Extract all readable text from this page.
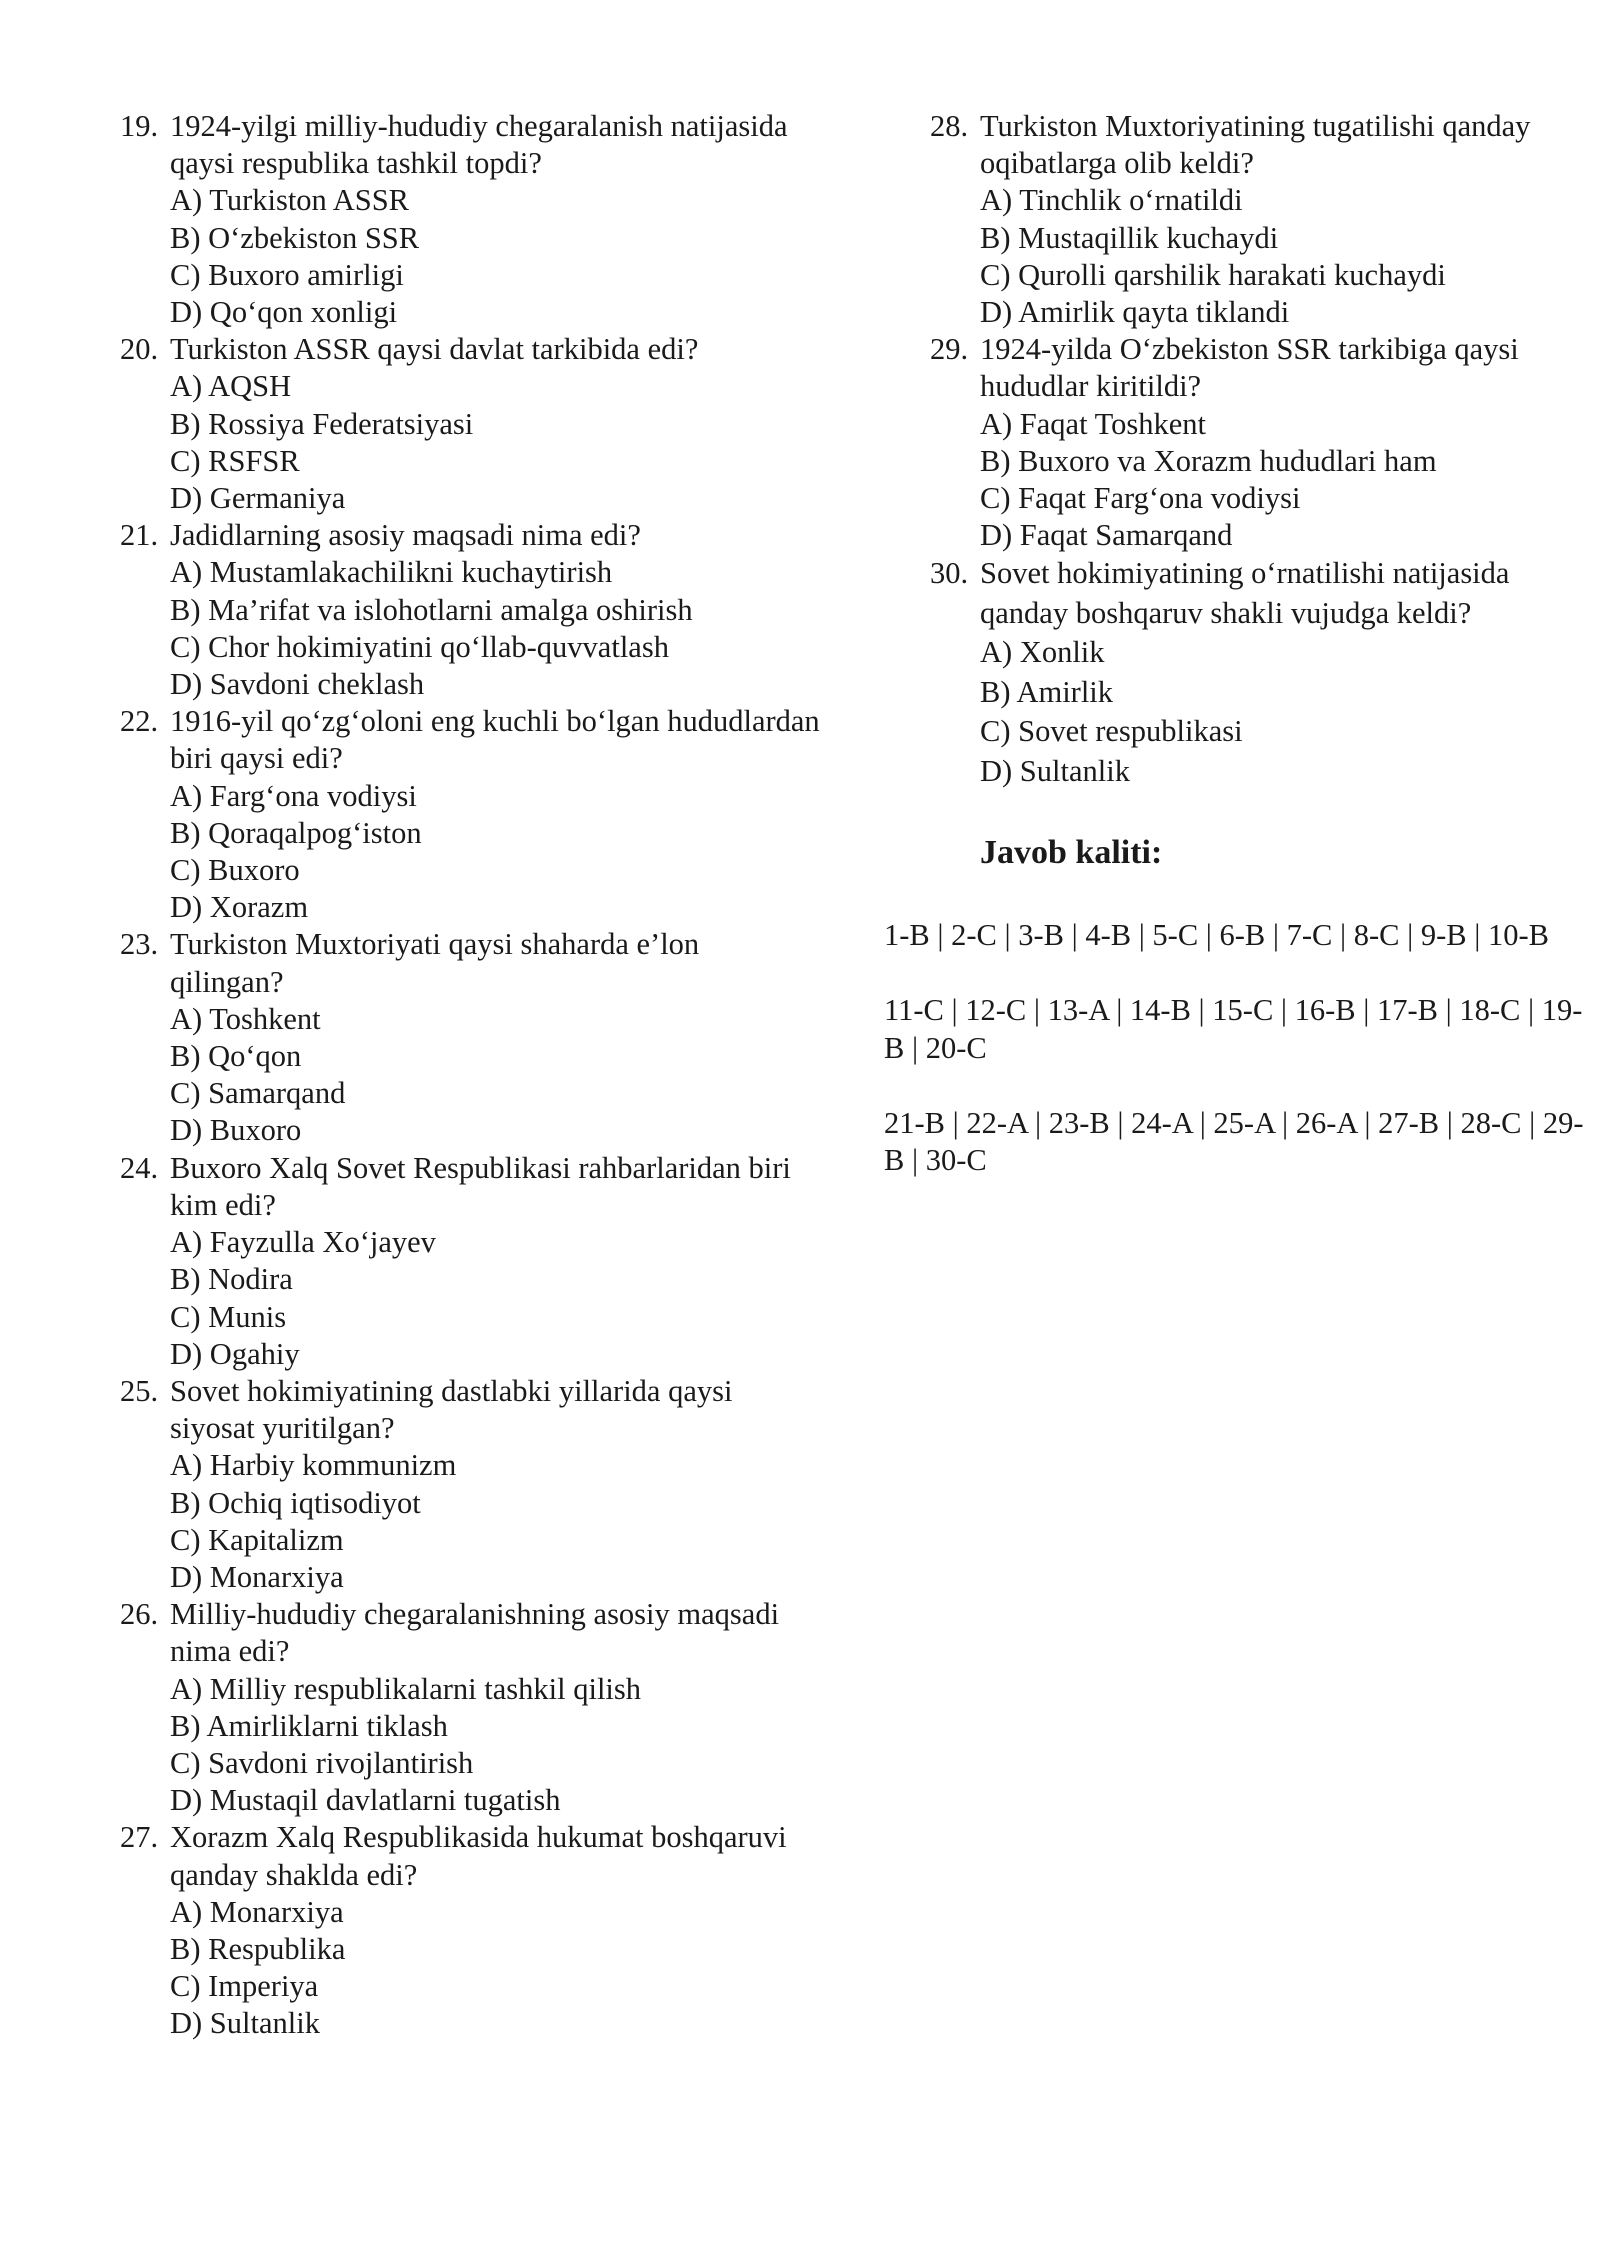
19. 1924-yilgi milliy-hududiy chegaralanish natijasida qaysi respublika tashkil topdi?
A) Turkiston ASSR
B) O‘zbekiston SSR
C) Buxoro amirligi
D) Qo‘qon xonligi
20. Turkiston ASSR qaysi davlat tarkibida edi?
A) AQSH
B) Rossiya Federatsiyasi
C) RSFSR
D) Germaniya
21. Jadidlarning asosiy maqsadi nima edi?
A) Mustamlakachilikni kuchaytirish
B) Ma’rifat va islohotlarni amalga oshirish
C) Chor hokimiyatini qo‘llab-quvvatlash
D) Savdoni cheklash
22. 1916-yil qo‘zg‘oloni eng kuchli bo‘lgan hududlardan biri qaysi edi?
A) Farg‘ona vodiysi
B) Qoraqalpog‘iston
C) Buxoro
D) Xorazm
23. Turkiston Muxtoriyati qaysi shaharda e’lon qilingan?
A) Toshkent
B) Qo‘qon
C) Samarqand
D) Buxoro
24. Buxoro Xalq Sovet Respublikasi rahbarlaridan biri kim edi?
A) Fayzulla Xo‘jayev
B) Nodira
C) Munis
D) Ogahiy
25. Sovet hokimiyatining dastlabki yillarida qaysi siyosat yuritilgan?
A) Harbiy kommunizm
B) Ochiq iqtisodiyot
C) Kapitalizm
D) Monarxiya
26. Milliy-hududiy chegaralanishning asosiy maqsadi nima edi?
A) Milliy respublikalarni tashkil qilish
B) Amirliklarni tiklash
C) Savdoni rivojlantirish
D) Mustaqil davlatlarni tugatish
27. Xorazm Xalq Respublikasida hukumat boshqaruvi qanday shaklda edi?
A) Monarxiya
B) Respublika
C) Imperiya
D) Sultanlik
28. Turkiston Muxtoriyatining tugatilishi qanday oqibatlarga olib keldi?
A) Tinchlik o‘rnatildi
B) Mustaqillik kuchaydi
C) Qurolli qarshilik harakati kuchaydi
D) Amirlik qayta tiklandi
29. 1924-yilda O‘zbekiston SSR tarkibiga qaysi hududlar kiritildi?
A) Faqat Toshkent
B) Buxoro va Xorazm hududlari ham
C) Faqat Farg‘ona vodiysi
D) Faqat Samarqand
30. Sovet hokimiyatining o‘rnatilishi natijasida qanday boshqaruv shakli vujudga keldi?
A) Xonlik
B) Amirlik
C) Sovet respublikasi
D) Sultanlik
Javob kaliti:

1-B | 2-C | 3-B | 4-B | 5-C | 6-B | 7-C | 8-C | 9-B | 10-B

11-C | 12-C | 13-A | 14-B | 15-C | 16-B | 17-B | 18-C | 19-B | 20-C

21-B | 22-A | 23-B | 24-A | 25-A | 26-A | 27-B | 28-C | 29-B | 30-C
